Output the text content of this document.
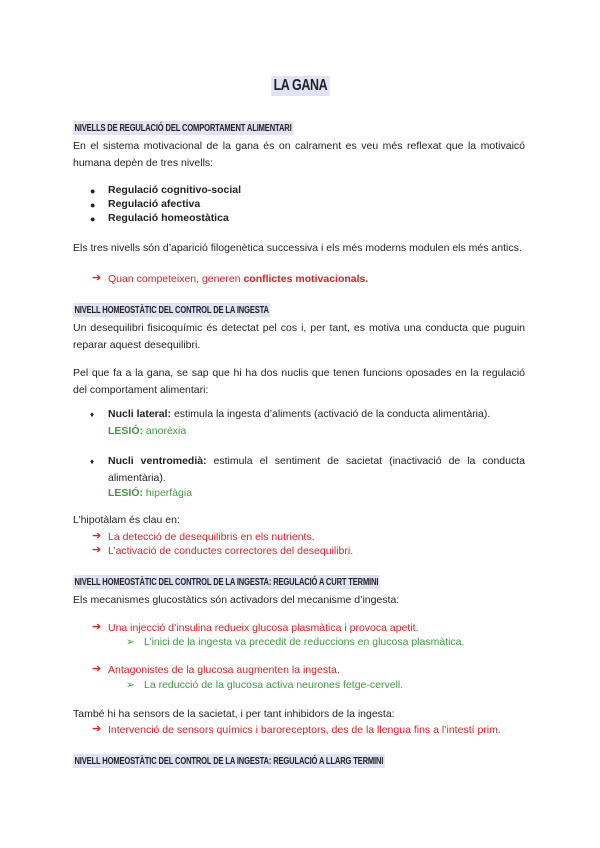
LA GANA
NIVELLS DE REGULACIÓ DEL COMPORTAMENT ALIMENTARI
En el sistema motivacional de la gana és on calrament es veu més reflexat que la motivaicó humana depèn de tres nivells:
● Regulació cognitivo-social
● Regulació afectiva
● Regulació homeostàtica
Els tres nivells són d’aparició filogenètica successiva i els més moderns modulen els més antics.
➔ Quan competeixen, generen conflictes motivacionals.
NIVELL HOMEOSTÀTIC DEL CONTROL DE LA INGESTA
Un desequilibri fisicoquímic és detectat pel cos i, per tant, es motiva una conducta que puguin reparar aquest desequilibri.
Pel que fa a la gana, se sap que hi ha dos nuclis que tenen funcions oposades en la regulació del comportament alimentari:
♦ Nucli lateral: estimula la ingesta d’aliments (activació de la conducta alimentària).
LESIÓ: anorèxia
♦ Nucli ventromedià: estimula el sentiment de sacietat (inactivació de la conducta alimentària).
LESIÓ: hiperfàgia
L’hipotàlam és clau en:
➔ La detecció de desequilibris en els nutrients.
➔ L’activació de conductes correctores del desequilibri.
NIVELL HOMEOSTÀTIC DEL CONTROL DE LA INGESTA: REGULACIÓ A CURT TERMINI
Els mecanismes glucostàtics són activadors del mecanisme d’ingesta:
➔ Una injecció d’insulina redueix glucosa plasmàtica i provoca apetit.
➢ L’inici de la ingesta va precedit de reduccions en glucosa plasmàtica.
➔ Antagonistes de la glucosa augmenten la ingesta.
➢ La reducció de la glucosa activa neurones fetge-cervell.
També hi ha sensors de la sacietat, i per tant inhibidors de la ingesta:
➔ Intervenció de sensors químics i baroreceptors, des de la llengua fins a l’intestí prim.
NIVELL HOMEOSTÀTIC DEL CONTROL DE LA INGESTA: REGULACIÓ A LLARG TERMINI
